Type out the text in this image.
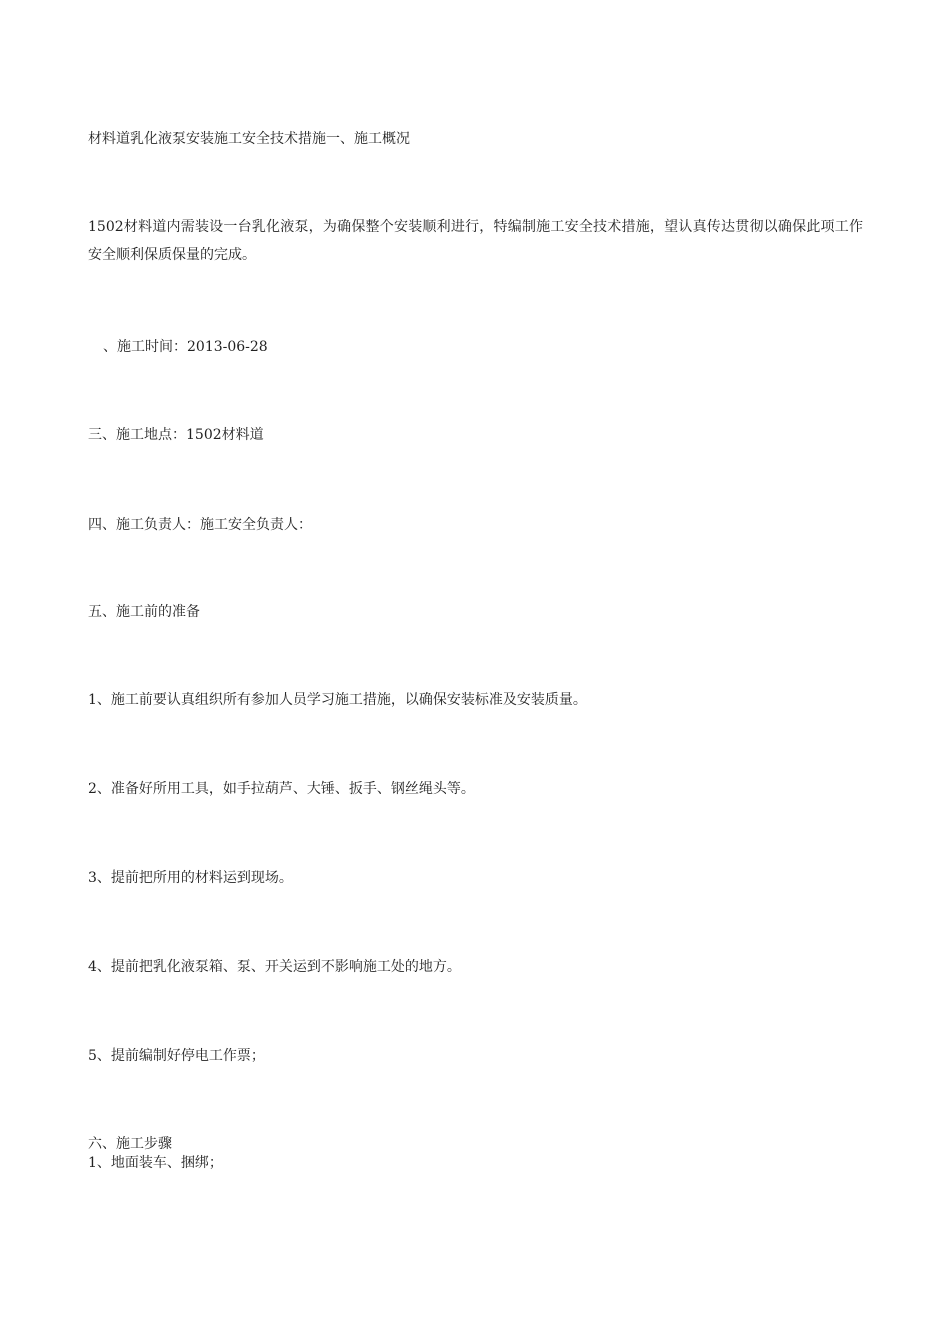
材料道乳化液泵安装施工安全技术措施一、施工概况

1502材料道内需装设一台乳化液泵，为确保整个安装顺利进行，特编制施工安全技术措施，望认真传达贯彻以确保此项工作安全顺利保质保量的完成。

、施工时间：2013-06-28

三、施工地点：1502材料道

四、施工负责人：施工安全负责人：

五、施工前的准备

1、施工前要认真组织所有参加人员学习施工措施，以确保安装标准及安装质量。

2、准备好所用工具，如手拉葫芦、大锤、扳手、钢丝绳头等。

3、提前把所用的材料运到现场。

4、提前把乳化液泵箱、泵、开关运到不影响施工处的地方。

5、提前编制好停电工作票；

六、施工步骤

1、地面装车、捆绑；
